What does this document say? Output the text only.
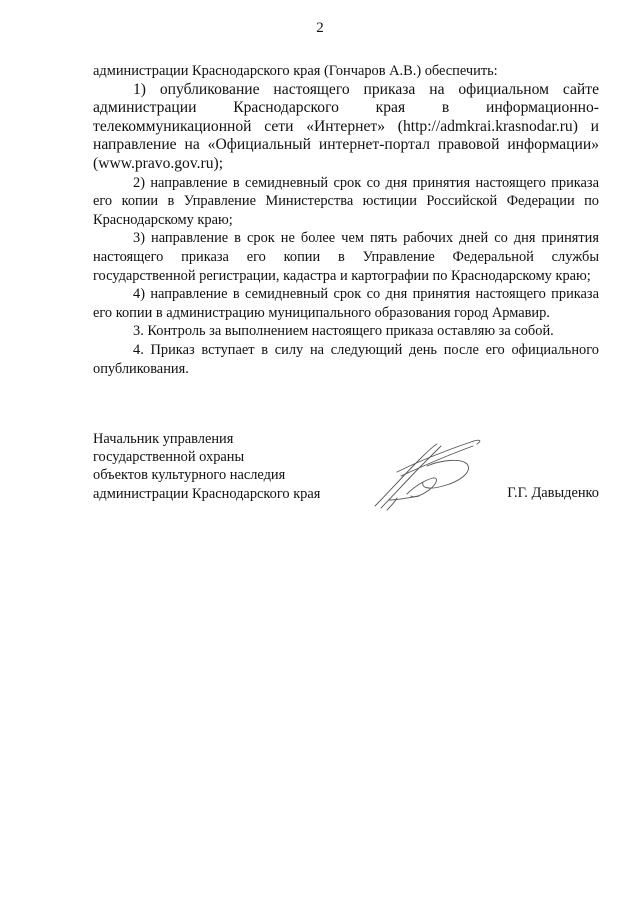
2

администрации Краснодарского края (Гончаров А.В.) обеспечить:

1) опубликование настоящего приказа на официальном сайте администрации Краснодарского края в информационно-телекоммуникационной сети «Интернет» (http://admkrai.krasnodar.ru) и направление на «Официальный интернет-портал правовой информации» (www.pravo.gov.ru);

2) направление в семидневный срок со дня принятия настоящего приказа его копии в Управление Министерства юстиции Российской Федерации по Краснодарскому краю;

3) направление в срок не более чем пять рабочих дней со дня принятия настоящего приказа его копии в Управление Федеральной службы государственной регистрации, кадастра и картографии по Краснодарскому краю;

4) направление в семидневный срок со дня принятия настоящего приказа его копии в администрацию муниципального образования город Армавир.

3. Контроль за выполнением настоящего приказа оставляю за собой.

4. Приказ вступает в силу на следующий день после его официального опубликования.

Начальник управления
государственной охраны
объектов культурного наследия
администрации Краснодарского края	Г.Г. Давыденко
